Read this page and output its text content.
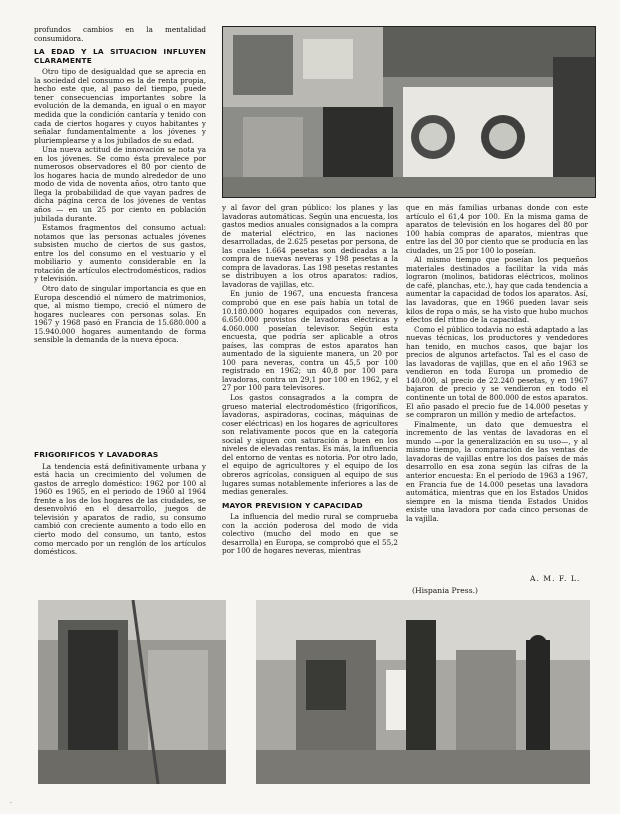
profundos cambios en la mentalidad consumidora.

LA EDAD Y LA SITUACION INFLUYEN CLARAMENTE

Otro tipo de desigualdad que se aprecia en la sociedad del consumo es la de renta propia, hecho este que, al paso del tiempo, puede tener consecuencias importantes sobre la evolución de la demanda, en igual o en mayor medida que la condición cantaría y tenido con cada de ciertos hogares y cuyos habitantes y señalar fundamentalmente a los jóvenes y pluriemplearse y a los jubilados de su edad.

Una nueva actitud de innovación se nota ya en los jóvenes. Se como ésta prevalece por numerosos observadores el 80 por ciento de los hogares hacia de mundo alrededor de uno modo de vida de noventa años, otro tanto que llega la probabilidad de que vayan padres de dicha página cerca de los jóvenes de ventas años — en un 25 por ciento en población jubilada durante.

Estamos fragmentos del consumo actual: notamos que las personas actuales jóvenes subsisten mucho de ciertos de sus gastos, entre los del consumo en el vestuario y el mobiliario y aumento considerable en la rotación de artículos electrodomésticos, radios y televisión.

Otro dato de singular importancia es que en Europa descendió el número de matrimonios, que, al mismo tiempo, creció el número de hogares nucleares con personas solas. En 1967 y 1968 pasó en Francia de 15.680.000 a 15.940.000 hogares aumentando de forma sensible la demanda de la nueva época.

FRIGORIFICOS Y LAVADORAS

La tendencia está definitivamente urbana y está hacia un crecimiento del volumen de gastos de arreglo doméstico: 1962 por 100 al 1960 es 1965, en el periodo de 1960 al 1964 frente a los de los hogares de las ciudades, se desenvolvió en el desarrollo, juegos de televisión y aparatos de radio, su consumo cambió con creciente aumento a todo ello en cierto modo del consumo, un tanto, estos como mercado por un renglón de los artículos domésticos.

y al favor del gran público: los planes y las lavadoras automáticas. Según una encuesta, los gastos medios anuales consignados a la compra de material eléctrico, en las naciones desarrolladas, de 2.625 pesetas por persona, de las cuales 1.664 pesetas son dedicadas a la compra de nuevas neveras y 198 pesetas a la compra de lavadoras. Las 198 pesetas restantes se distribuyen a los otros aparatos: radios, lavadoras de vajillas, etc.

En junio de 1967, una encuesta francesa comprobó que en ese país había un total de 10.180.000 hogares equipados con neveras, 6.650.000 provistos de lavadoras eléctricas y 4.060.000 poseían televisor. Según esta encuesta, que podría ser aplicable a otros países, las compras de estos aparatos han aumentado de la siguiente manera, un 20 por 100 para neveras, contra un 45,5 por 100 registrado en 1962; un 40,8 por 100 para lavadoras, contra un 29,1 por 100 en 1962, y el 27 por 100 para televisores.

Los gastos consagrados a la compra de grueso material electrodoméstico (frigoríficos, lavadoras, aspiradoras, cocinas, máquinas de coser eléctricas) en los hogares de agricultores son relativamente pocos que en la categoría social y siguen con saturación a buen en los niveles de elevadas rentas. Es más, la influencia del entorno de ventas es notoria. Por otro lado, el equipo de agricultores y el equipo de los obreros agrícolas, consiguen al equipo de sus lugares sumas notablemente inferiores a las de medias generales.

MAYOR PREVISION Y CAPACIDAD

La influencia del medio rural se comprueba con la acción poderosa del modo de vida colectivo (mucho del modo en que se desarrolla) en Europa, se comprobó que el 55,2 por 100 de hogares neveras, mientras

que en más familias urbanas donde con este artículo el 61,4 por 100. En la misma gama de aparatos de televisión en los hogares del 80 por 100 había compras de aparatos, mientras que entre las del 30 por ciento que se producía en las ciudades, un 25 por 100 lo poseían.

Al mismo tiempo que poseían los pequeños materiales destinados a facilitar la vida más lograron (molinos, batidoras eléctricos, molinos de café, planchas, etc.), hay que cada tendencia a aumentar la capacidad de todos los aparatos. Así, las lavadoras, que en 1966 pueden lavar seis kilos de ropa o más, se ha visto que hubo muchos efectos del ritmo de la capacidad.

Como el público todavía no está adaptado a las nuevas técnicas, los productores y vendedores han tenido, en muchos casos, que bajar los precios de algunos artefactos. Tal es el caso de las lavadoras de vajillas, que en el año 1963 se vendieron en toda Europa un promedio de 140.000, al precio de 22.240 pesetas, y en 1967 bajaron de precio y se vendieron en todo el continente un total de 800.000 de estos aparatos. El año pasado el precio fue de 14.000 pesetas y se compraron un millón y medio de artefactos.

Finalmente, un dato que demuestra el incremento de las ventas de lavadoras en el mundo —por la generalización en su uso—, y al mismo tiempo, la comparación de las ventas de lavadoras de vajillas entre los dos países de más desarrollo en esa zona según las cifras de la anterior encuesta: En el período de 1963 a 1967, en Francia fue de 14.000 pesetas una lavadora automática, mientras que en los Estados Unidos siempre en la misma tienda Estados Unidos existe una lavadora por cada cinco personas de la vajilla.

A. M. F. L.
(Hispania Press.)
·
